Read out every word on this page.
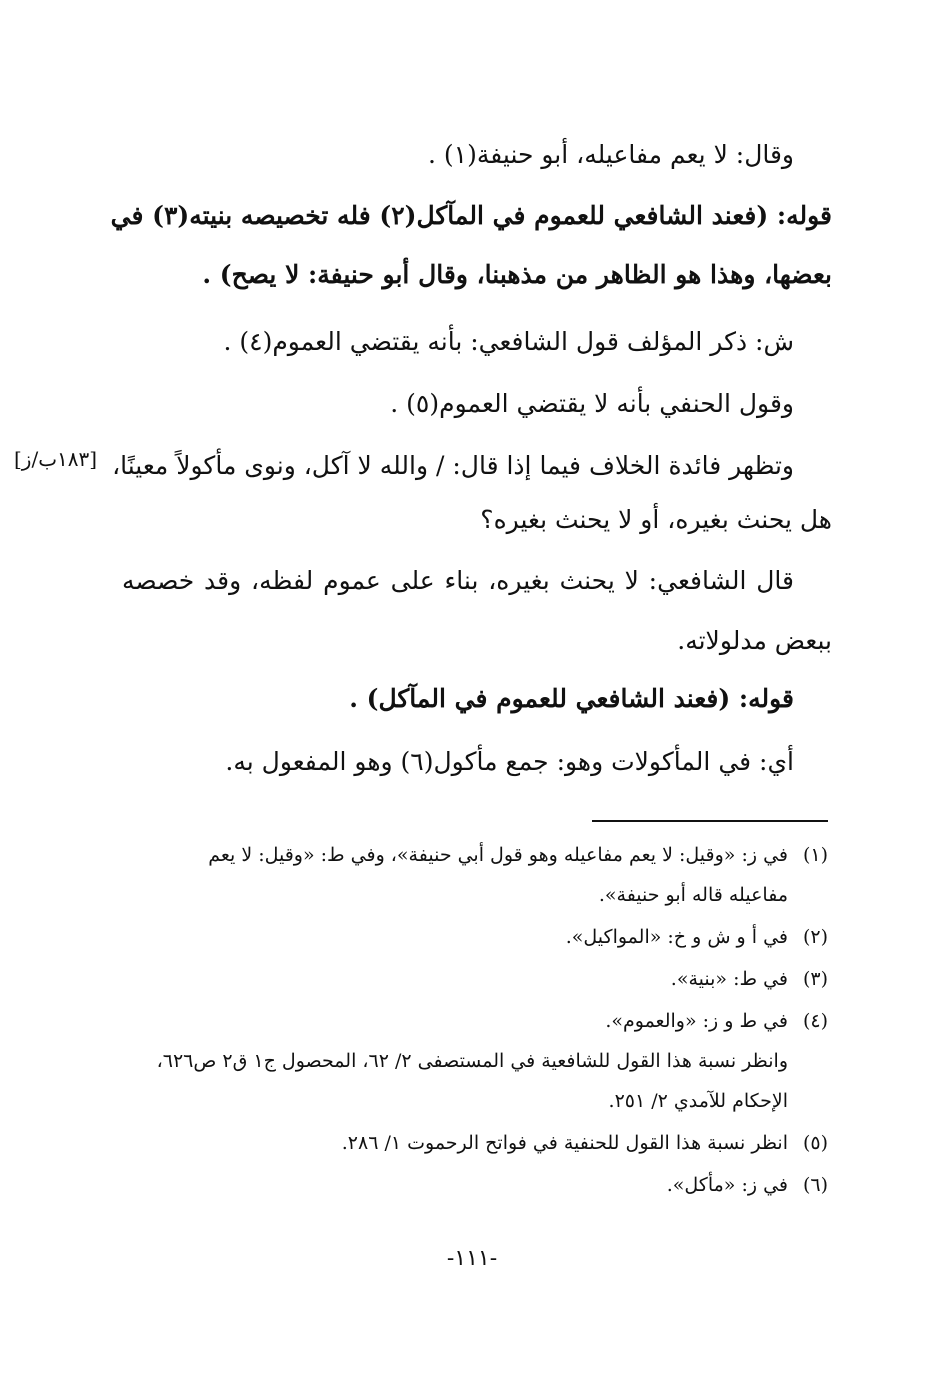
وقال: لا يعم مفاعيله، أبو حنيفة(١) .
قوله: (فعند الشافعي للعموم في المآكل(٢) فله تخصيصه بنيته(٣) في
بعضها، وهذا هو الظاهر من مذهبنا، وقال أبو حنيفة: لا يصح) .
ش: ذكر المؤلف قول الشافعي: بأنه يقتضي العموم(٤) .
وقول الحنفي بأنه لا يقتضي العموم(٥) .
وتظهر فائدة الخلاف فيما إذا قال: / والله لا آكل، ونوى مأكولاً معينًا،
[١٨٣ب/ز]
هل يحنث بغيره، أو لا يحنث بغيره؟
قال الشافعي: لا يحنث بغيره، بناء على عموم لفظه، وقد خصصه
ببعض مدلولاته.
قوله: (فعند الشافعي للعموم في المآكل) .
أي: في المأكولات وهو: جمع مأكول(٦) وهو المفعول به.
(١)في ز: «وقيل: لا يعم مفاعيله وهو قول أبي حنيفة»، وفي ط: «وقيل: لا يعم
مفاعيله قاله أبو حنيفة».
(٢)في أ و ش و خ: «المواكيل».
(٣)في ط: «بنية».
(٤)في ط و ز: «والعموم».
وانظر نسبة هذا القول للشافعية في المستصفى ٢/ ٦٢، المحصول ج١ ق٢ ص٦٢٦،
الإحكام للآمدي ٢/ ٢٥١.
(٥)انظر نسبة هذا القول للحنفية في فواتح الرحموت ١/ ٢٨٦.
(٦)في ز: «مأكل».
-١١١-
